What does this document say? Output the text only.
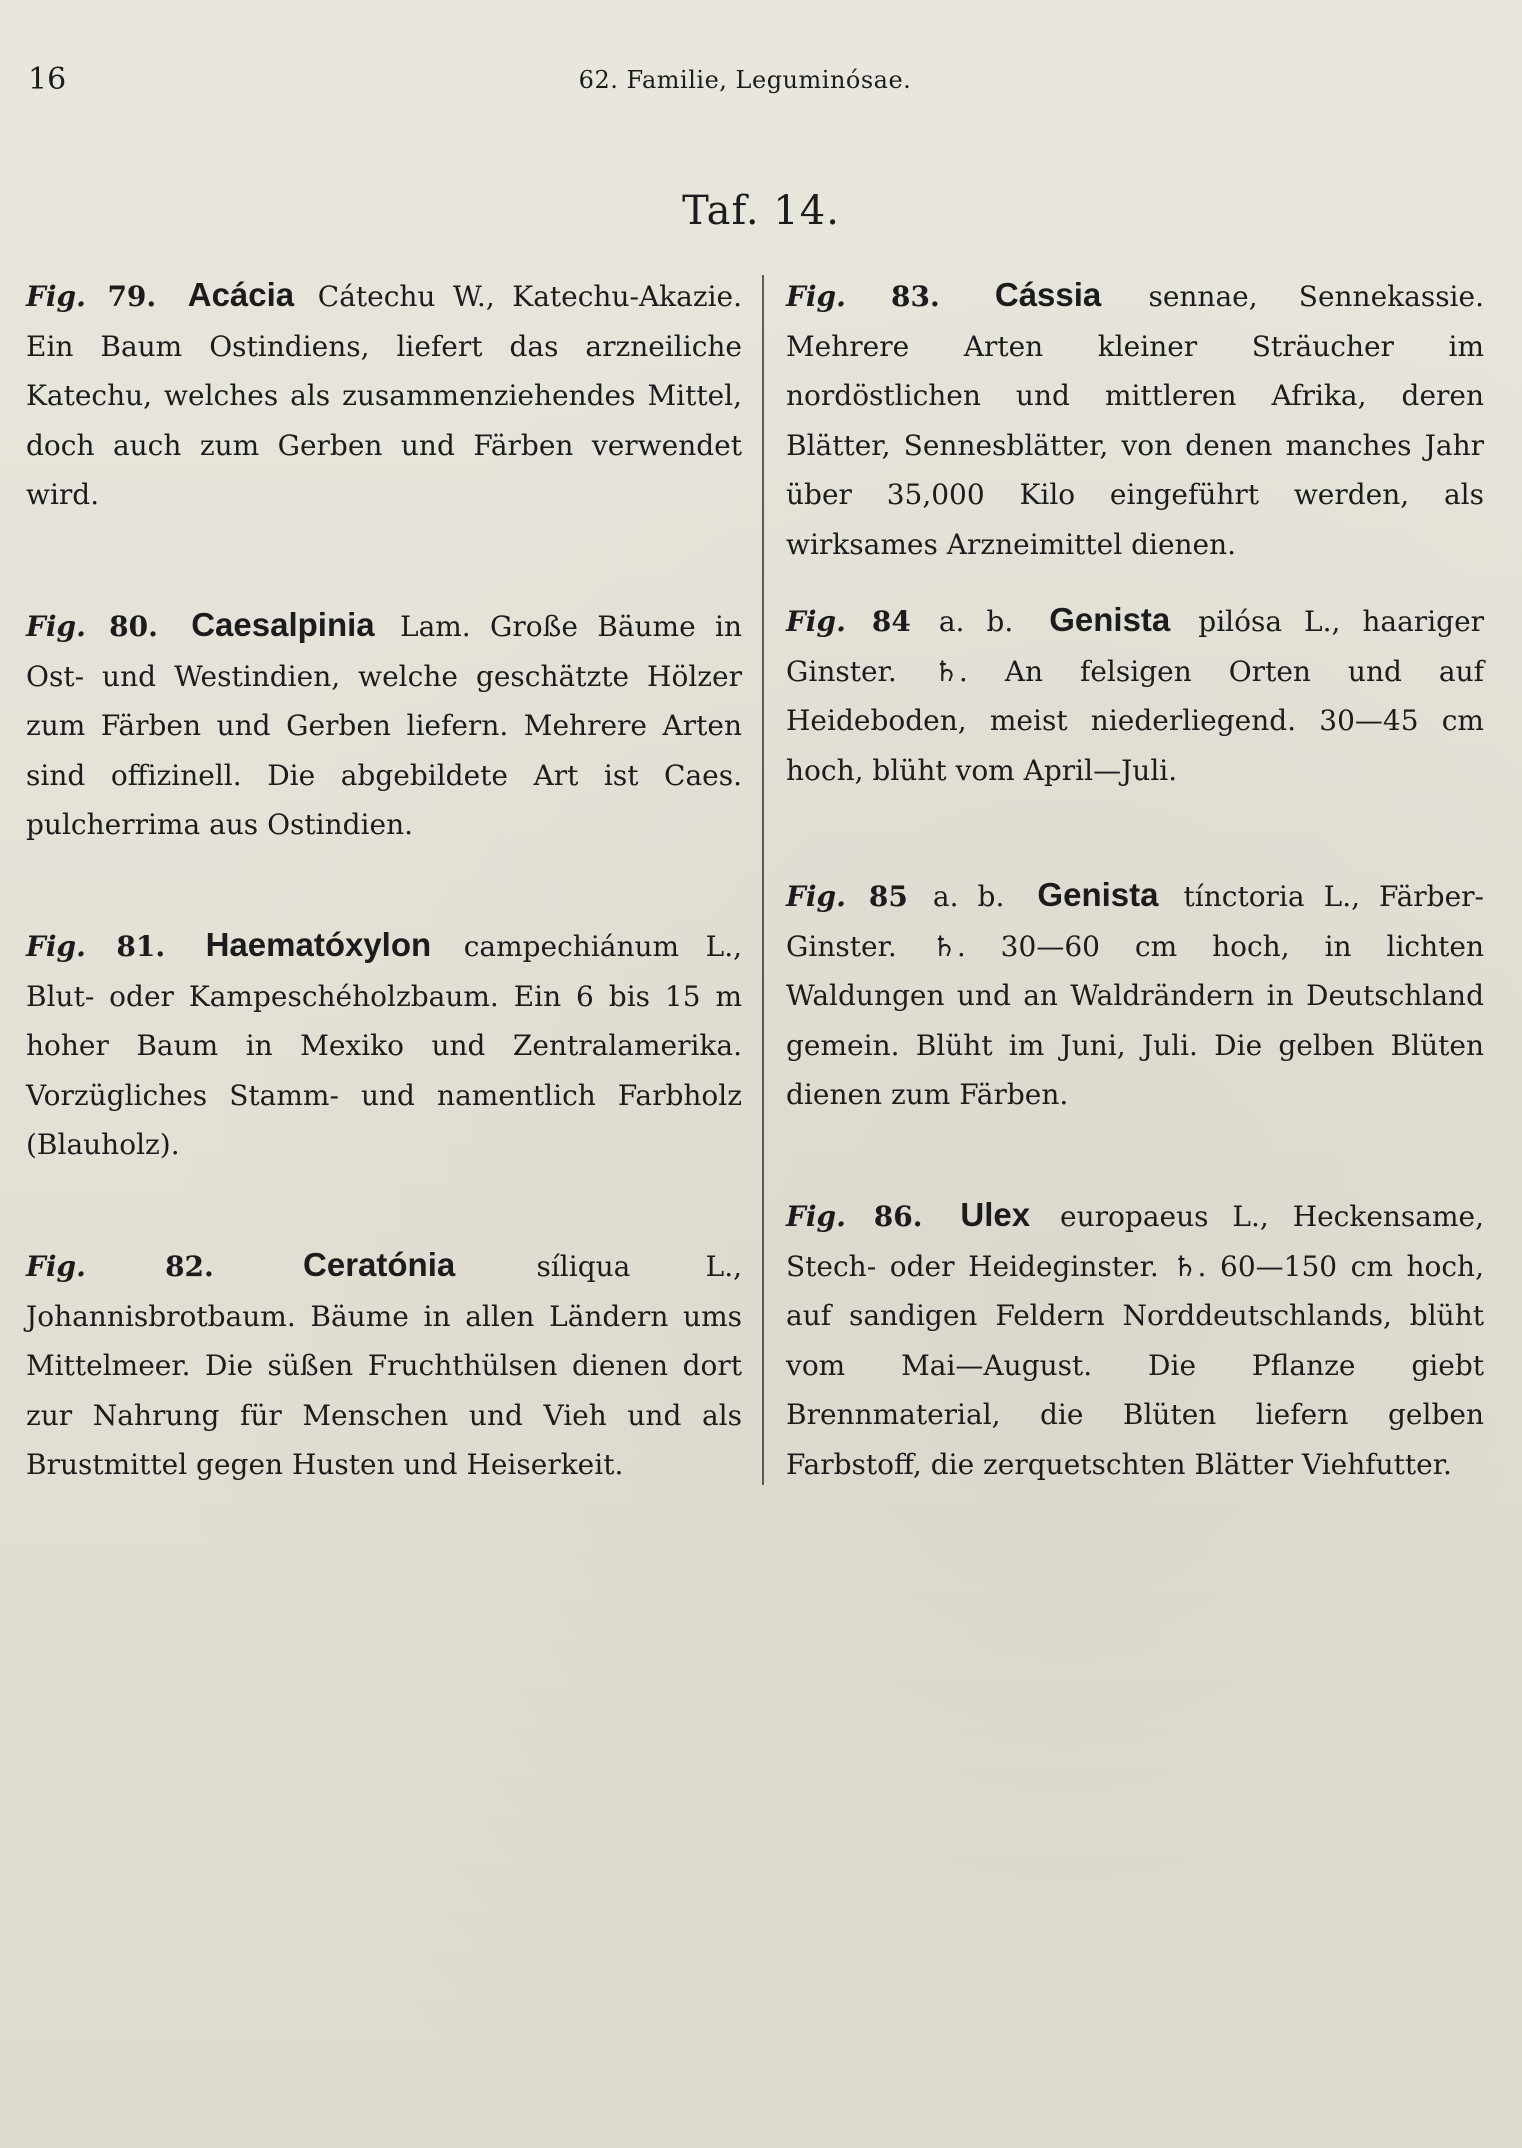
16	62. Familie, Leguminósae.
Taf. 14.
Fig. 79. Acácia Cátechu W., Katechu-Akazie. Ein Baum Ostindiens, liefert das arzneiliche Katechu, welches als zusammenziehendes Mittel, doch auch zum Gerben und Färben verwendet wird.
Fig. 80. Caesalpinia Lam. Große Bäume in Ost- und Westindien, welche geschätzte Hölzer zum Färben und Gerben liefern. Mehrere Arten sind offizinell. Die abgebildete Art ist Caes. pulcherrima aus Ostindien.
Fig. 81. Haematóxylon campechiánum L., Blut- oder Kampeschéholzbaum. Ein 6 bis 15 m hoher Baum in Mexiko und Zentralamerika. Vorzügliches Stamm- und namentlich Farbholz (Blauholz).
Fig.	82.	Ceratónia	síliqua L., Johannisbrotbaum. Bäume in allen Ländern ums Mittelmeer. Die süßen Fruchthülsen dienen dort zur Nahrung für Menschen und Vieh und als Brustmittel gegen Husten und Heiserkeit.
Fig. 83. Cássia sennae, Sennekassie. Mehrere Arten kleiner Sträucher im nordöstlichen und mittleren Afrika, deren Blätter, Sennesblätter, von denen manches Jahr über 35,000 Kilo eingeführt werden, als wirksames Arzneimittel dienen.
Fig. 84 a. b. Genista pilósa L., haariger Ginster. ♄. An felsigen Orten und auf Heideboden, meist niederliegend. 30—45 cm hoch, blüht vom April—Juli.
Fig. 85 a. b. Genista tínctoria L., Färber-Ginster. ♄. 30—60 cm hoch, in lichten Waldungen und an Waldrändern in Deutschland gemein. Blüht im Juni, Juli. Die gelben Blüten dienen zum Färben.
Fig. 86. Ulex europaeus L., Heckensame, Stech- oder Heideginster. ♄. 60—150 cm hoch, auf sandigen Feldern Norddeutschlands, blüht vom Mai—August. Die Pflanze giebt Brennmaterial, die Blüten liefern gelben Farbstoff, die zerquetschten Blätter Viehfutter.
